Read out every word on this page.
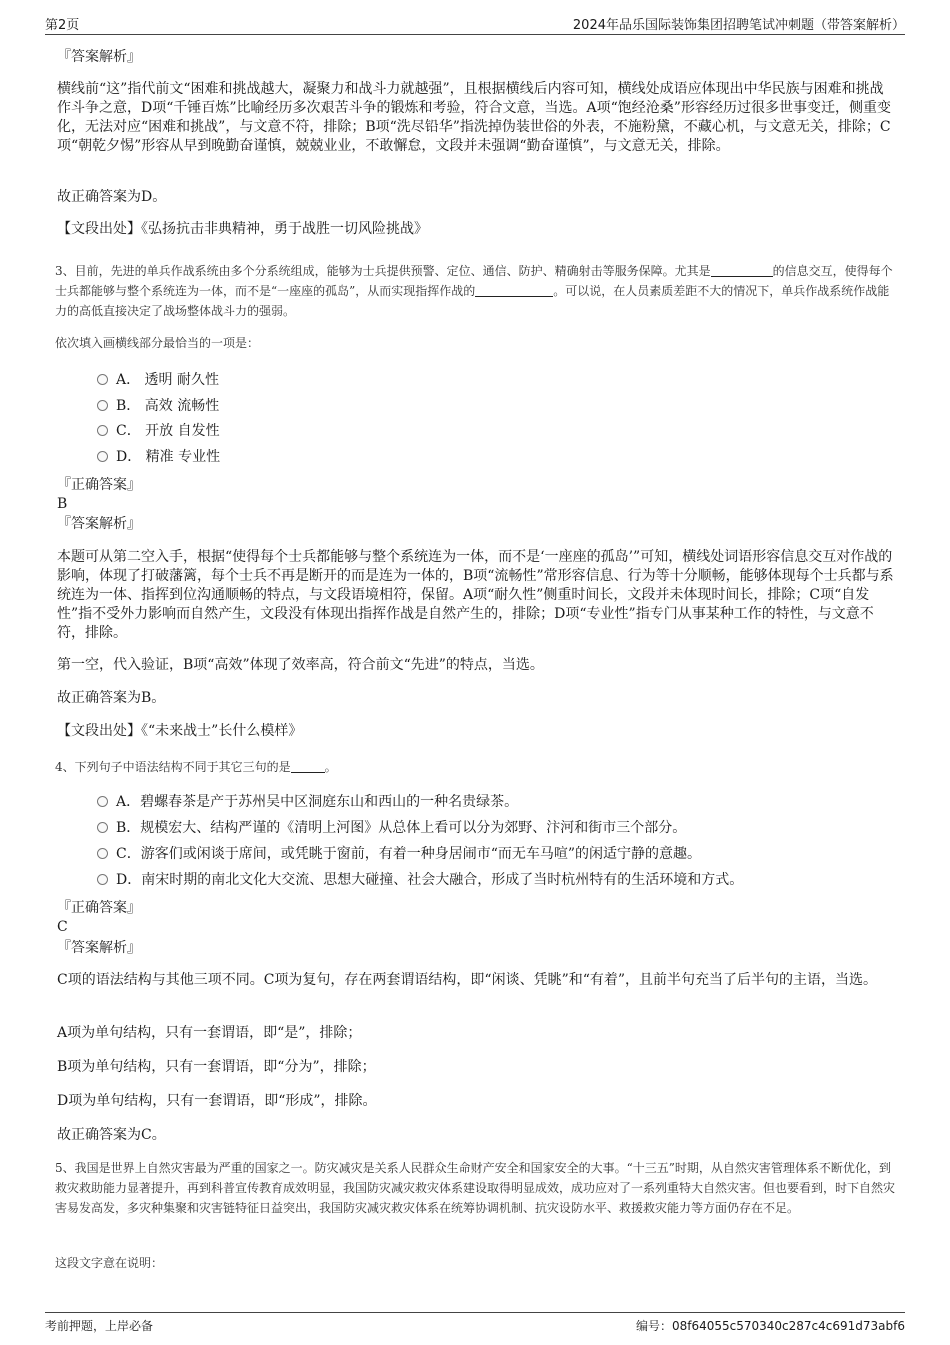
第2页	2024年品乐国际装饰集团招聘笔试冲刺题（带答案解析）
『答案解析』
横线前“这”指代前文“困难和挑战越大，凝聚力和战斗力就越强”，且根据横线后内容可知，横线处成语应体现出中华民族与困难和挑战作斗争之意，D项“千锤百炼”比喻经历多次艰苦斗争的锻炼和考验，符合文意，当选。A项“饱经沧桑”形容经历过很多世事变迁，侧重变化，无法对应“困难和挑战”，与文意不符，排除；B项“洗尽铅华”指洗掉伪装世俗的外表，不施粉黛，不藏心机，与文意无关，排除；C项“朝乾夕惕”形容从早到晚勤奋谨慎，兢兢业业，不敢懈怠，文段并未强调“勤奋谨慎”，与文意无关，排除。
故正确答案为D。
【文段出处】《弘扬抗击非典精神，勇于战胜一切风险挑战》
3、目前，先进的单兵作战系统由多个分系统组成，能够为士兵提供预警、定位、通信、防护、精确射击等服务保障。尤其是	的信息交互，使得每个士兵都能够与整个系统连为一体，而不是“一座座的孤岛”，从而实现指挥作战的	。可以说，在人员素质差距不大的情况下，单兵作战系统作战能力的高低直接决定了战场整体战斗力的强弱。
依次填入画横线部分最恰当的一项是：
A． 透明 耐久性
B． 高效 流畅性
C． 开放 自发性
D． 精准 专业性
『正确答案』
B
『答案解析』
本题可从第二空入手，根据“使得每个士兵都能够与整个系统连为一体，而不是‘一座座的孤岛’”可知，横线处词语形容信息交互对作战的影响，体现了打破藩篱，每个士兵不再是断开的而是连为一体的，B项“流畅性”常形容信息、行为等十分顺畅，能够体现每个士兵都与系统连为一体、指挥到位沟通顺畅的特点，与文段语境相符，保留。A项“耐久性”侧重时间长，文段并未体现时间长，排除；C项“自发性”指不受外力影响而自然产生，文段没有体现出指挥作战是自然产生的，排除；D项“专业性”指专门从事某种工作的特性，与文意不符，排除。
第一空，代入验证，B项“高效”体现了效率高，符合前文“先进”的特点，当选。
故正确答案为B。
【文段出处】《“未来战士”长什么模样》
4、下列句子中语法结构不同于其它三句的是	。
A．碧螺春茶是产于苏州吴中区洞庭东山和西山的一种名贵绿茶。
B．规模宏大、结构严谨的《清明上河图》从总体上看可以分为郊野、汴河和街市三个部分。
C．游客们或闲谈于席间，或凭眺于窗前，有着一种身居闹市“而无车马喧”的闲适宁静的意趣。
D．南宋时期的南北文化大交流、思想大碰撞、社会大融合，形成了当时杭州特有的生活环境和方式。
『正确答案』
C
『答案解析』
C项的语法结构与其他三项不同。C项为复句，存在两套谓语结构，即“闲谈、凭眺”和“有着”，且前半句充当了后半句的主语，当选。
A项为单句结构，只有一套谓语，即“是”，排除；
B项为单句结构，只有一套谓语，即“分为”，排除；
D项为单句结构，只有一套谓语，即“形成”，排除。
故正确答案为C。
5、我国是世界上自然灾害最为严重的国家之一。防灾减灾是关系人民群众生命财产安全和国家安全的大事。“十三五”时期，从自然灾害管理体系不断优化，到救灾救助能力显著提升，再到科普宣传教育成效明显，我国防灾减灾救灾体系建设取得明显成效，成功应对了一系列重特大自然灾害。但也要看到，时下自然灾害易发高发，多灾种集聚和灾害链特征日益突出，我国防灾减灾救灾体系在统筹协调机制、抗灾设防水平、救援救灾能力等方面仍存在不足。
这段文字意在说明：
考前押题，上岸必备	编号：08f64055c570340c287c4c691d73abf6
